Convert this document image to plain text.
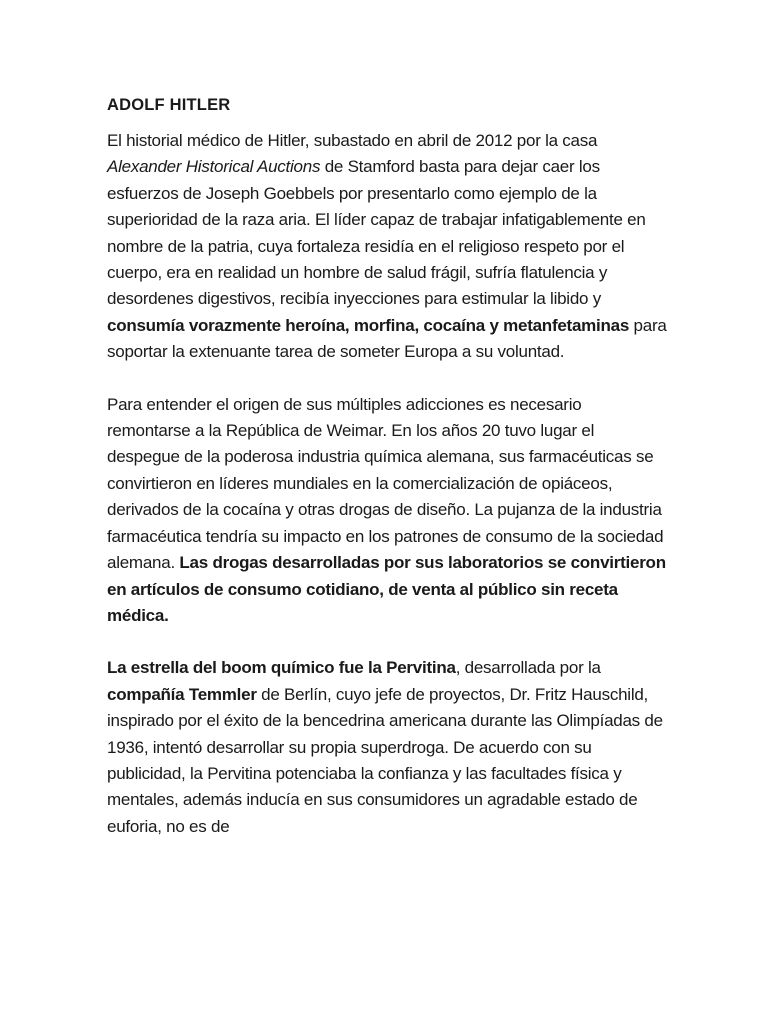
ADOLF HITLER

El historial médico de Hitler, subastado en abril de 2012 por la casa Alexander Historical Auctions de Stamford basta para dejar caer los esfuerzos de Joseph Goebbels por presentarlo como ejemplo de la superioridad de la raza aria. El líder capaz de trabajar infatigablemente en nombre de la patria, cuya fortaleza residía en el religioso respeto por el cuerpo, era en realidad un hombre de salud frágil, sufría flatulencia y desordenes digestivos, recibía inyecciones para estimular la libido y consumía vorazmente heroína, morfina, cocaína y metanfetaminas para soportar la extenuante tarea de someter Europa a su voluntad.

Para entender el origen de sus múltiples adicciones es necesario remontarse a la República de Weimar. En los años 20 tuvo lugar el despegue de la poderosa industria química alemana, sus farmacéuticas se convirtieron en líderes mundiales en la comercialización de opiáceos, derivados de la cocaína y otras drogas de diseño. La pujanza de la industria farmacéutica tendría su impacto en los patrones de consumo de la sociedad alemana. Las drogas desarrolladas por sus laboratorios se convirtieron en artículos de consumo cotidiano, de venta al público sin receta médica.

La estrella del boom químico fue la Pervitina, desarrollada por la compañía Temmler de Berlín, cuyo jefe de proyectos, Dr. Fritz Hauschild, inspirado por el éxito de la bencedrina americana durante las Olimpíadas de 1936, intentó desarrollar su propia superdroga. De acuerdo con su publicidad, la Pervitina potenciaba la confianza y las facultades física y mentales, además inducía en sus consumidores un agradable estado de euforia, no es de
